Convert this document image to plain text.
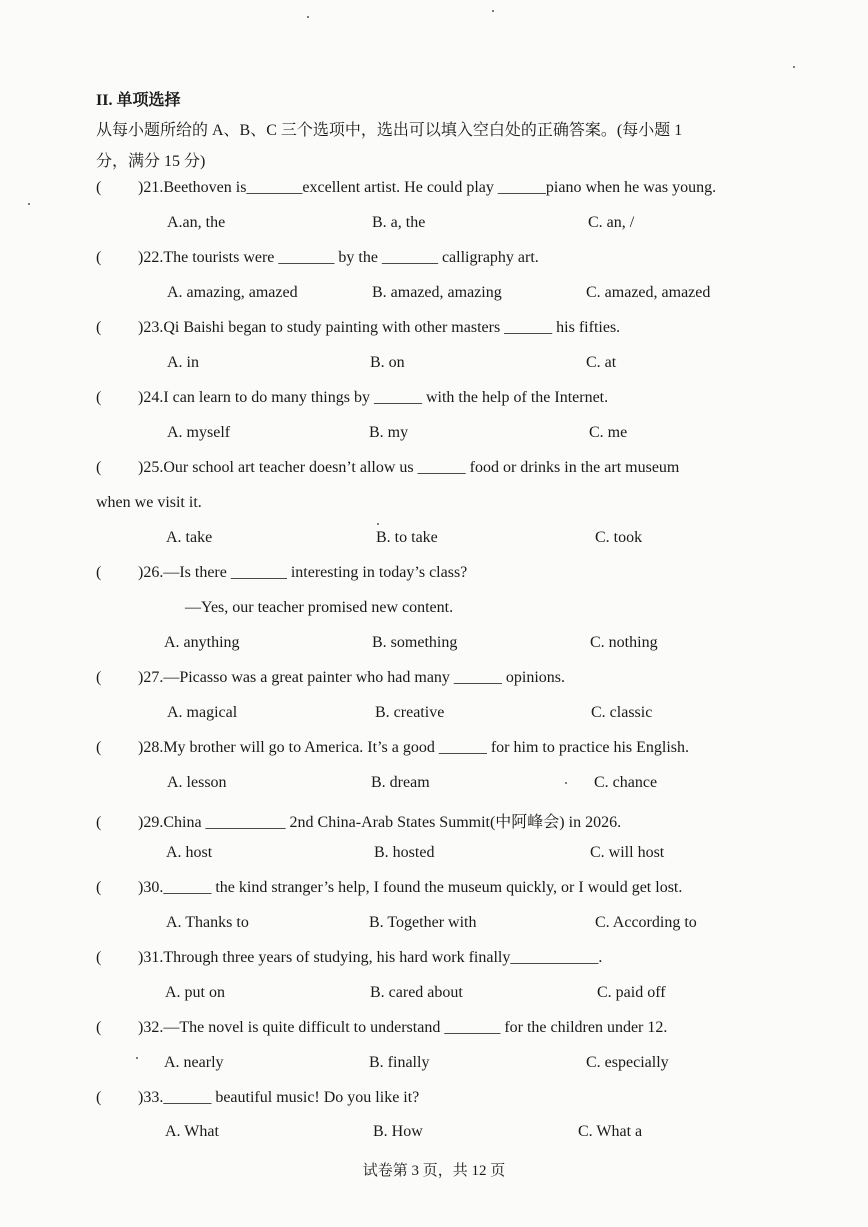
II. 单项选择
从每小题所给的 A、B、C 三个选项中，选出可以填入空白处的正确答案。(每小题 1
分，满分 15 分)
( )21.Beethoven is_______excellent artist. He could play ______piano when he was young.
A.an, the	B. a, the	C. an, /
( )22.The tourists were _______ by the _______ calligraphy art.
A. amazing, amazed	B. amazed, amazing	C. amazed, amazed
( )23.Qi Baishi began to study painting with other masters ______ his fifties.
A. in	B. on	C. at
( )24.I can learn to do many things by ______ with the help of the Internet.
A. myself	B. my	C. me
( )25.Our school art teacher doesn’t allow us ______ food or drinks in the art museum
when we visit it.
A. take	B. to take	C. took
( )26.—Is there _______ interesting in today’s class?
—Yes, our teacher promised new content.
A. anything	B. something	C. nothing
( )27.—Picasso was a great painter who had many ______ opinions.
A. magical	B. creative	C. classic
( )28.My brother will go to America. It’s a good ______ for him to practice his English.
A. lesson	B. dream	C. chance
( )29.China __________ 2nd China-Arab States Summit(中阿峰会) in 2026.
A. host	B. hosted	C. will host
( )30.______ the kind stranger’s help, I found the museum quickly, or I would get lost.
A. Thanks to	B. Together with	C. According to
( )31.Through three years of studying, his hard work finally___________.
A. put on	B. cared about	C. paid off
( )32.—The novel is quite difficult to understand _______ for the children under 12.
A. nearly	B. finally	C. especially
( )33.______ beautiful music! Do you like it?
A. What	B. How	C. What a
试卷第 3 页，共 12 页
